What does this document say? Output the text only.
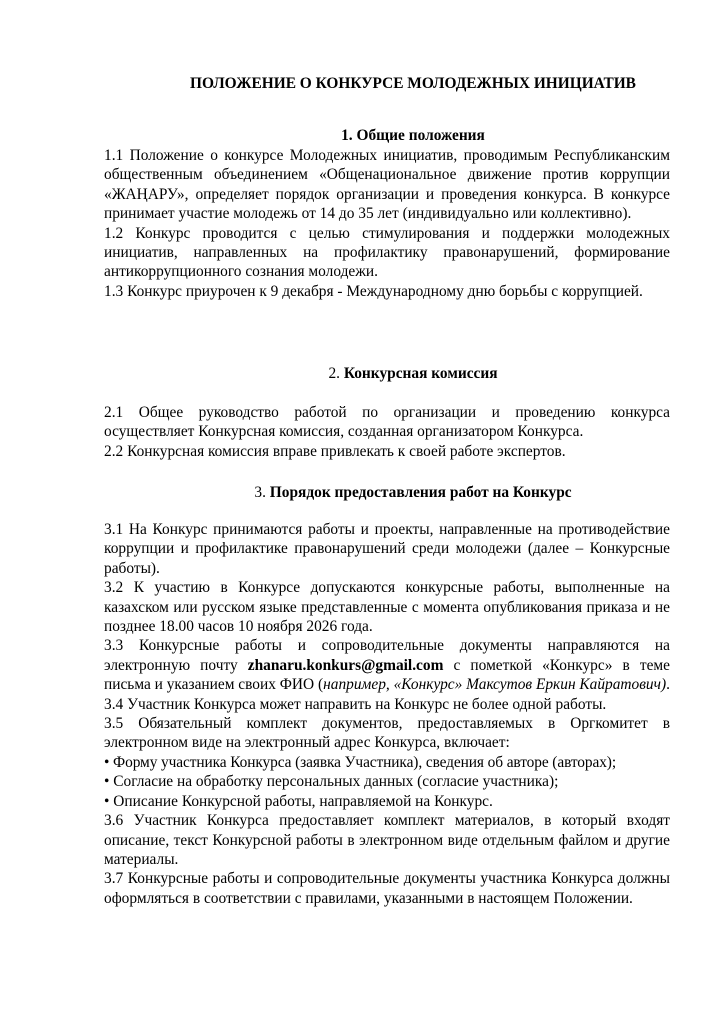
ПОЛОЖЕНИЕ О КОНКУРСЕ МОЛОДЕЖНЫХ ИНИЦИАТИВ
1. Общие положения

1.1 Положение о конкурсе Молодежных инициатив, проводимым Республиканским общественным объединением «Общенациональное движение против коррупции «ЖАҢАРУ», определяет порядок организации и проведения конкурса. В конкурсе принимает участие молодежь от 14 до 35 лет (индивидуально или коллективно).

1.2 Конкурс проводится с целью стимулирования и поддержки молодежных инициатив, направленных на профилактику правонарушений, формирование антикоррупционного сознания молодежи.

1.3 Конкурс приурочен к 9 декабря - Международному дню борьбы с коррупцией.

2. Конкурсная комиссия

2.1 Общее руководство работой по организации и проведению конкурса осуществляет Конкурсная комиссия, созданная организатором Конкурса.

2.2 Конкурсная комиссия вправе привлекать к своей работе экспертов.

3. Порядок предоставления работ на Конкурс

3.1 На Конкурс принимаются работы и проекты, направленные на противодействие коррупции и профилактике правонарушений среди молодежи (далее – Конкурсные работы).

3.2 К участию в Конкурсе допускаются конкурсные работы, выполненные на казахском или русском языке представленные с момента опубликования приказа и не позднее 18.00 часов 10 ноября 2026 года.

3.3 Конкурсные работы и сопроводительные документы направляются на электронную почту zhanaru.konkurs@gmail.com с пометкой «Конкурс» в теме письма и указанием своих ФИО (например, «Конкурс» Максутов Еркин Кайратович).

3.4 Участник Конкурса может направить на Конкурс не более одной работы.

3.5 Обязательный комплект документов, предоставляемых в Оргкомитет в электронном виде на электронный адрес Конкурса, включает:

• Форму участника Конкурса (заявка Участника), сведения об авторе (авторах);

• Согласие на обработку персональных данных (согласие участника);

• Описание Конкурсной работы, направляемой на Конкурс.

3.6 Участник Конкурса предоставляет комплект материалов, в который входят описание, текст Конкурсной работы в электронном виде отдельным файлом и другие материалы.

3.7 Конкурсные работы и сопроводительные документы участника Конкурса должны оформляться в соответствии с правилами, указанными в настоящем Положении.
